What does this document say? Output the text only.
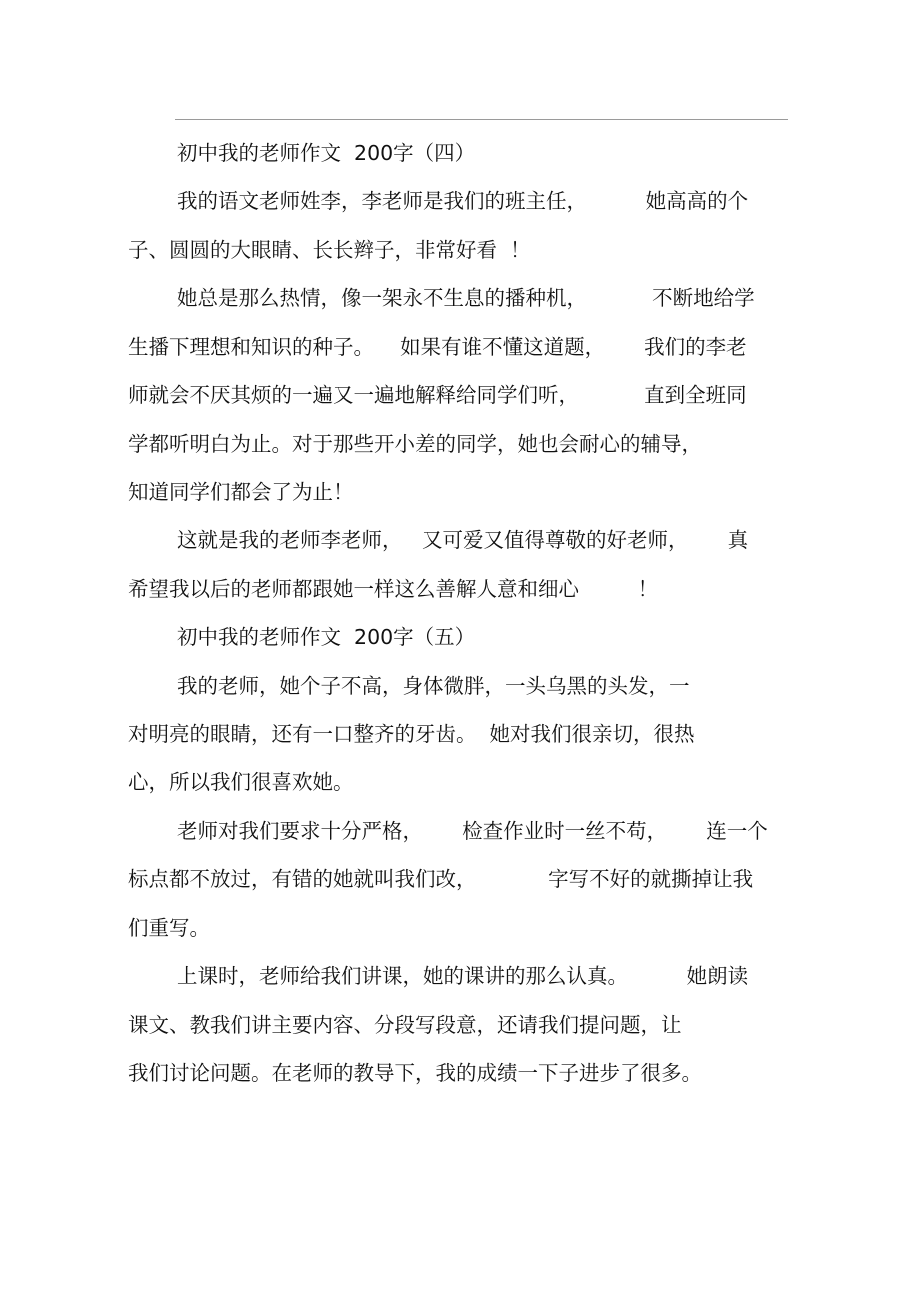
初中我的老师作文  200字（四）
我的语文老师姓李，李老师是我们的班主任，         她高高的个
子、圆圆的大眼睛、长长辫子，非常好看  ！
她总是那么热情，像一架永不生息的播种机，          不断地给学
生播下理想和知识的种子。    如果有谁不懂这道题，      我们的李老
师就会不厌其烦的一遍又一遍地解释给同学们听，          直到全班同
学都听明白为止。对于那些开小差的同学，她也会耐心的辅导，
知道同学们都会了为止！
这就是我的老师李老师，   又可爱又值得尊敬的好老师，      真
希望我以后的老师都跟她一样这么善解人意和细心         ！
初中我的老师作文  200字（五）
我的老师，她个子不高，身体微胖，一头乌黑的头发，一
对明亮的眼睛，还有一口整齐的牙齿。  她对我们很亲切，很热
心，所以我们很喜欢她。
老师对我们要求十分严格，      检查作业时一丝不苟，      连一个
标点都不放过，有错的她就叫我们改，           字写不好的就撕掉让我
们重写。
上课时，老师给我们讲课，她的课讲的那么认真。         她朗读
课文、教我们讲主要内容、分段写段意，还请我们提问题，让
我们讨论问题。在老师的教导下，我的成绩一下子进步了很多。
